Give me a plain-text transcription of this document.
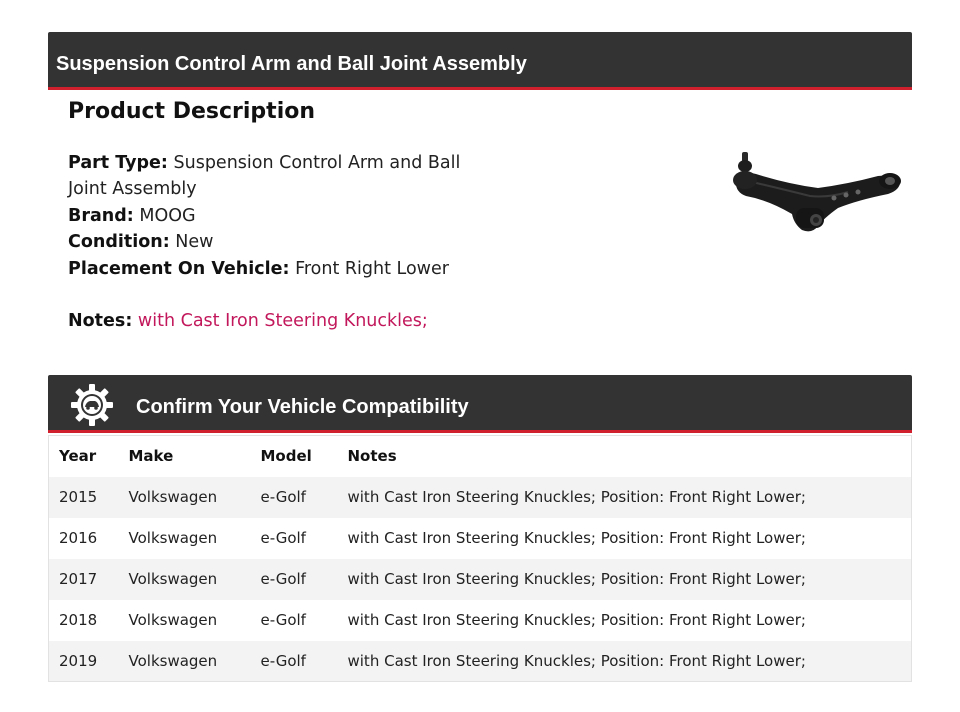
Suspension Control Arm and Ball Joint Assembly
Product Description
Part Type: Suspension Control Arm and Ball Joint Assembly
Brand: MOOG
Condition: New
Placement On Vehicle: Front Right Lower
Notes: with Cast Iron Steering Knuckles;
Confirm Your Vehicle Compatibility
Year	Make	Model	Notes
2015	Volkswagen	e-Golf	with Cast Iron Steering Knuckles; Position: Front Right Lower;
2016	Volkswagen	e-Golf	with Cast Iron Steering Knuckles; Position: Front Right Lower;
2017	Volkswagen	e-Golf	with Cast Iron Steering Knuckles; Position: Front Right Lower;
2018	Volkswagen	e-Golf	with Cast Iron Steering Knuckles; Position: Front Right Lower;
2019	Volkswagen	e-Golf	with Cast Iron Steering Knuckles; Position: Front Right Lower;
